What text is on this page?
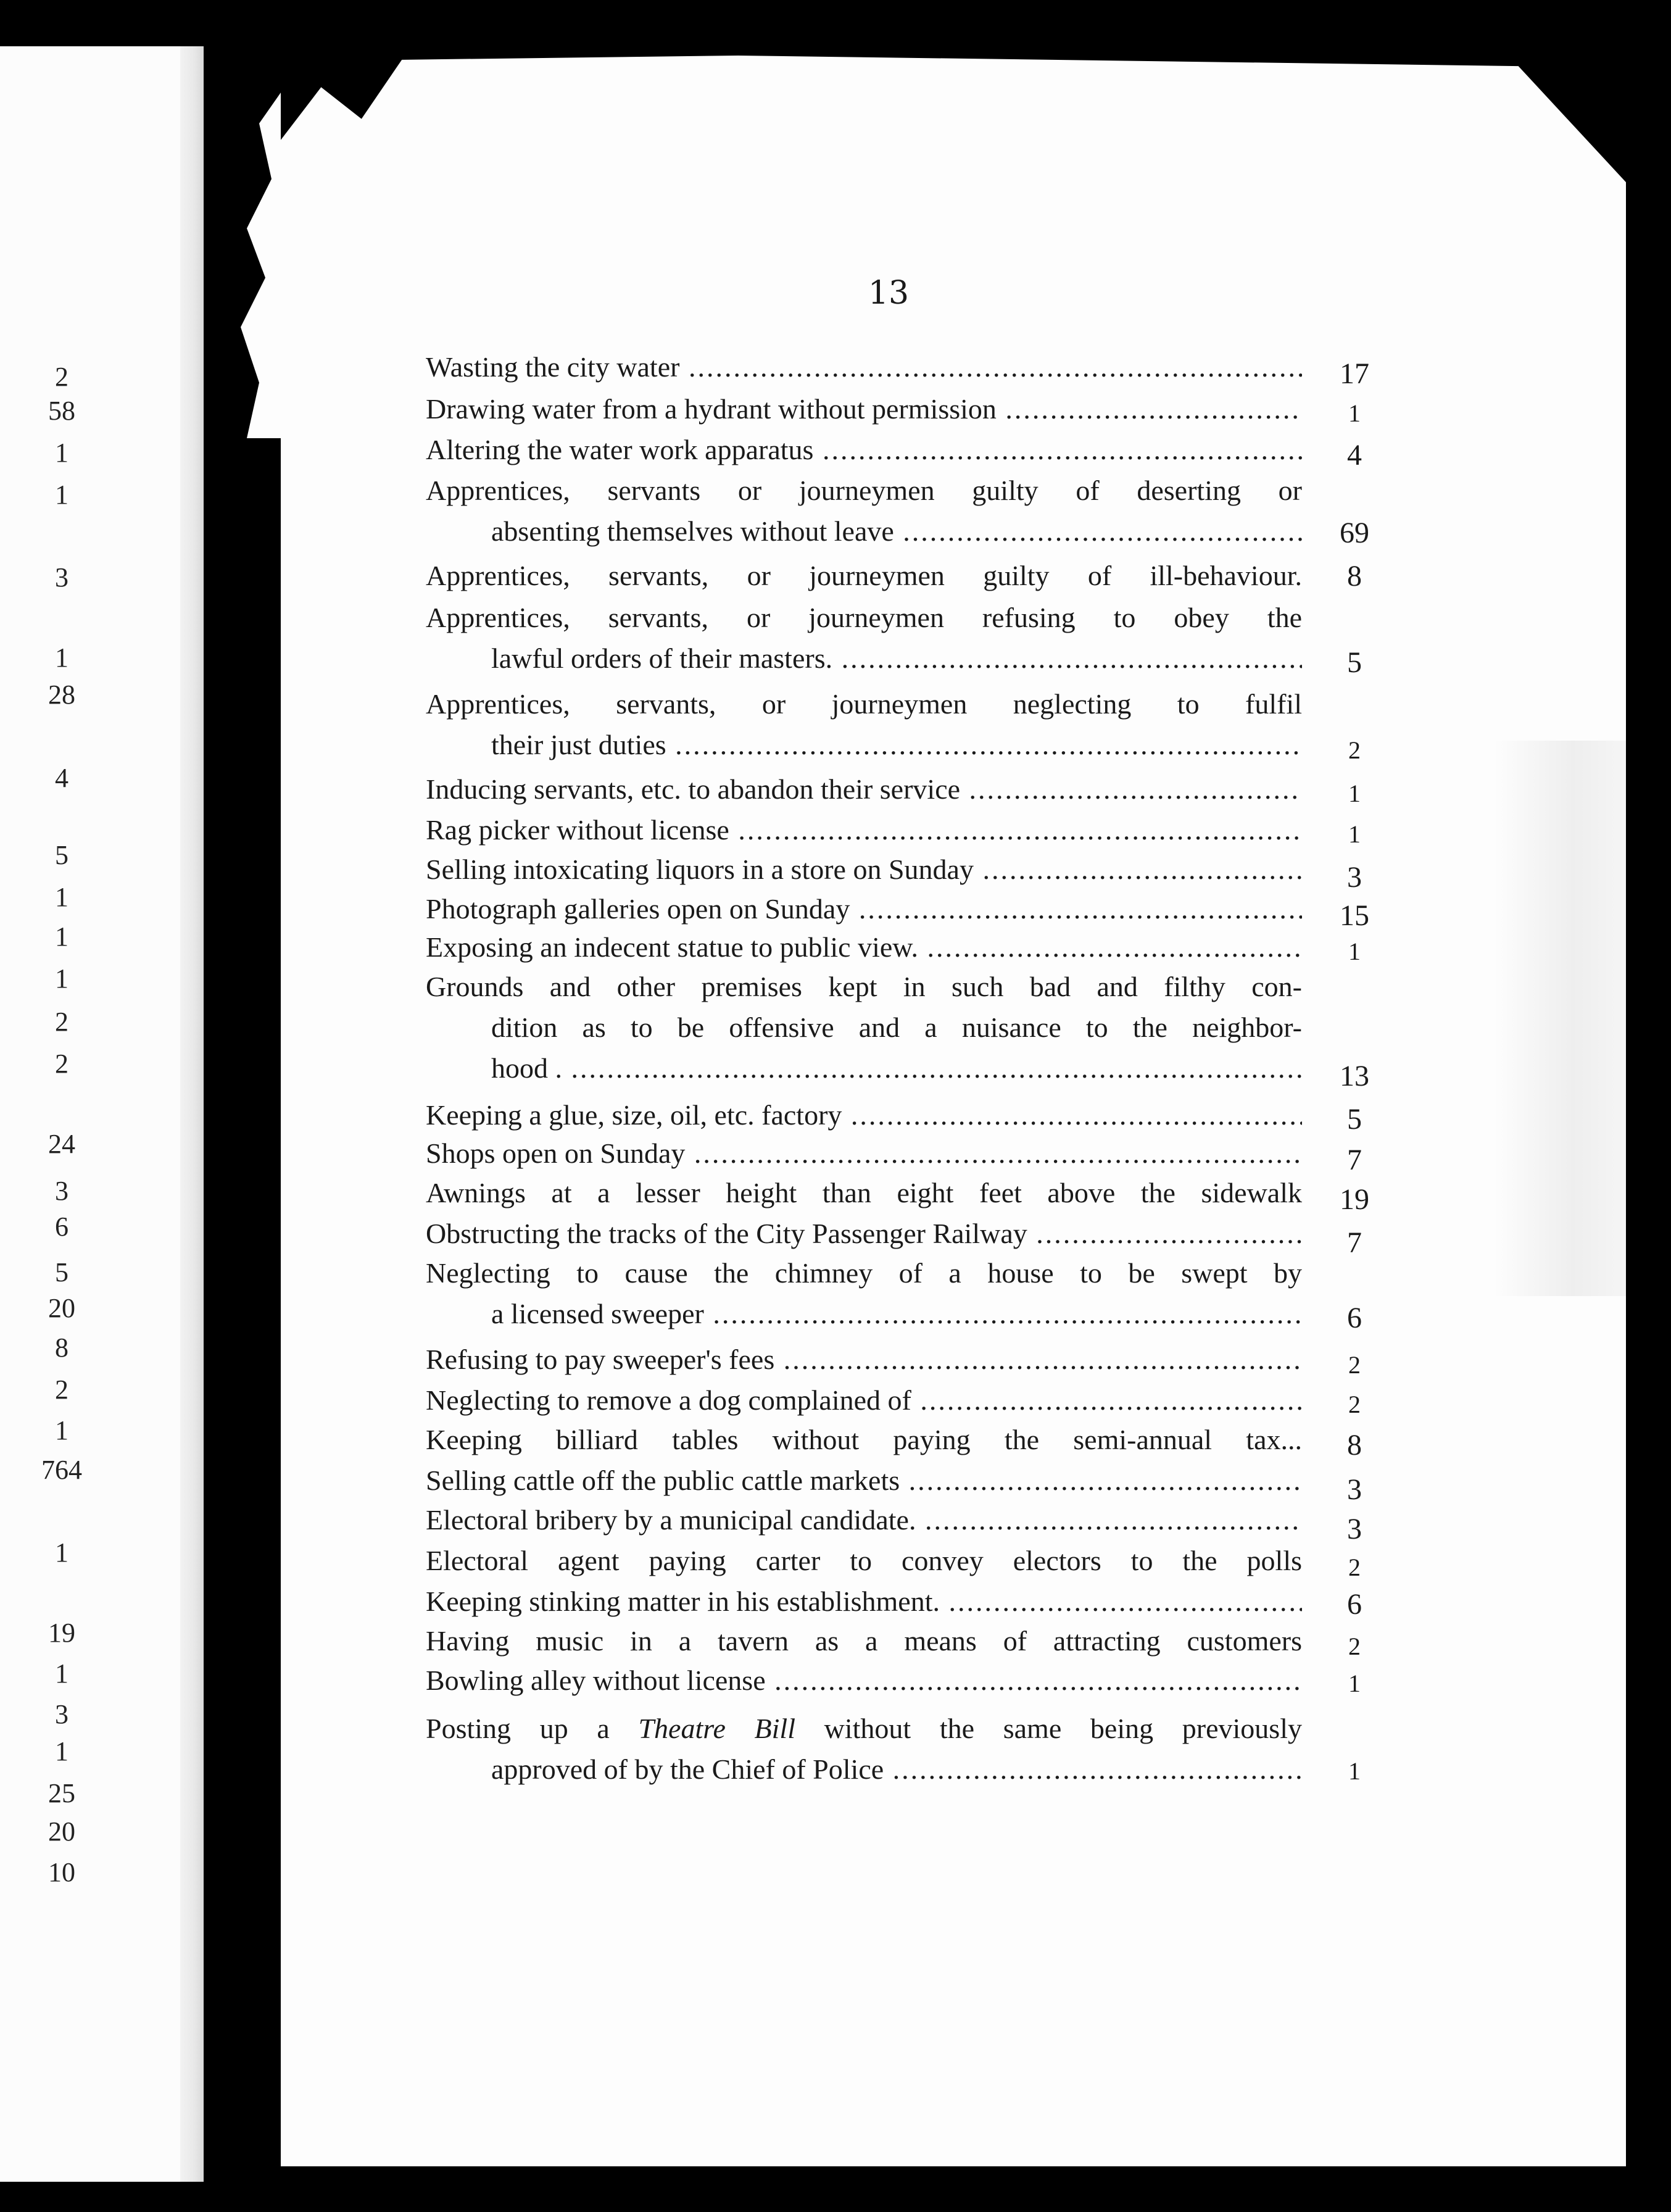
2
58
1
1
3
1
28
4
5
1
1
1
2
2
24
3
6
5
20
8
2
1
764
1
19
1
3
1
25
20
10
13
Wasting the city water .....	17
Drawing water from a hydrant without permission .....	1
Altering the water work apparatus .....	4
Apprentices, servants or journeymen guilty of deserting or
absenting themselves without leave .....	69
Apprentices, servants, or journeymen guilty of ill-behaviour.	8
Apprentices, servants, or journeymen refusing to obey the
lawful orders of their masters. .....	5
Apprentices, servants, or journeymen neglecting to fulfil
their just duties .....	2
Inducing servants, etc. to abandon their service .....	1
Rag picker without license .....	1
Selling intoxicating liquors in a store on Sunday .....	3
Photograph galleries open on Sunday .....	15
Exposing an indecent statue to public view. .....	1
Grounds and other premises kept in such bad and filthy con-
dition as to be offensive and a nuisance to the neighbor-
hood . .....	13
Keeping a glue, size, oil, etc. factory .....	5
Shops open on Sunday .....	7
Awnings at a lesser height than eight feet above the sidewalk	19
Obstructing the tracks of the City Passenger Railway .....	7
Neglecting to cause the chimney of a house to be swept by
a licensed sweeper .....	6
Refusing to pay sweeper's fees .....	2
Neglecting to remove a dog complained of .....	2
Keeping billiard tables without paying the semi-annual tax...	8
Selling cattle off the public cattle markets .....	3
Electoral bribery by a municipal candidate. .....	3
Electoral agent paying carter to convey electors to the polls	2
Keeping stinking matter in his establishment. .....	6
Having music in a tavern as a means of attracting customers	2
Bowling alley without license .....	1
Posting up a Theatre Bill without the same being previously
approved of by the Chief of Police .....	1
